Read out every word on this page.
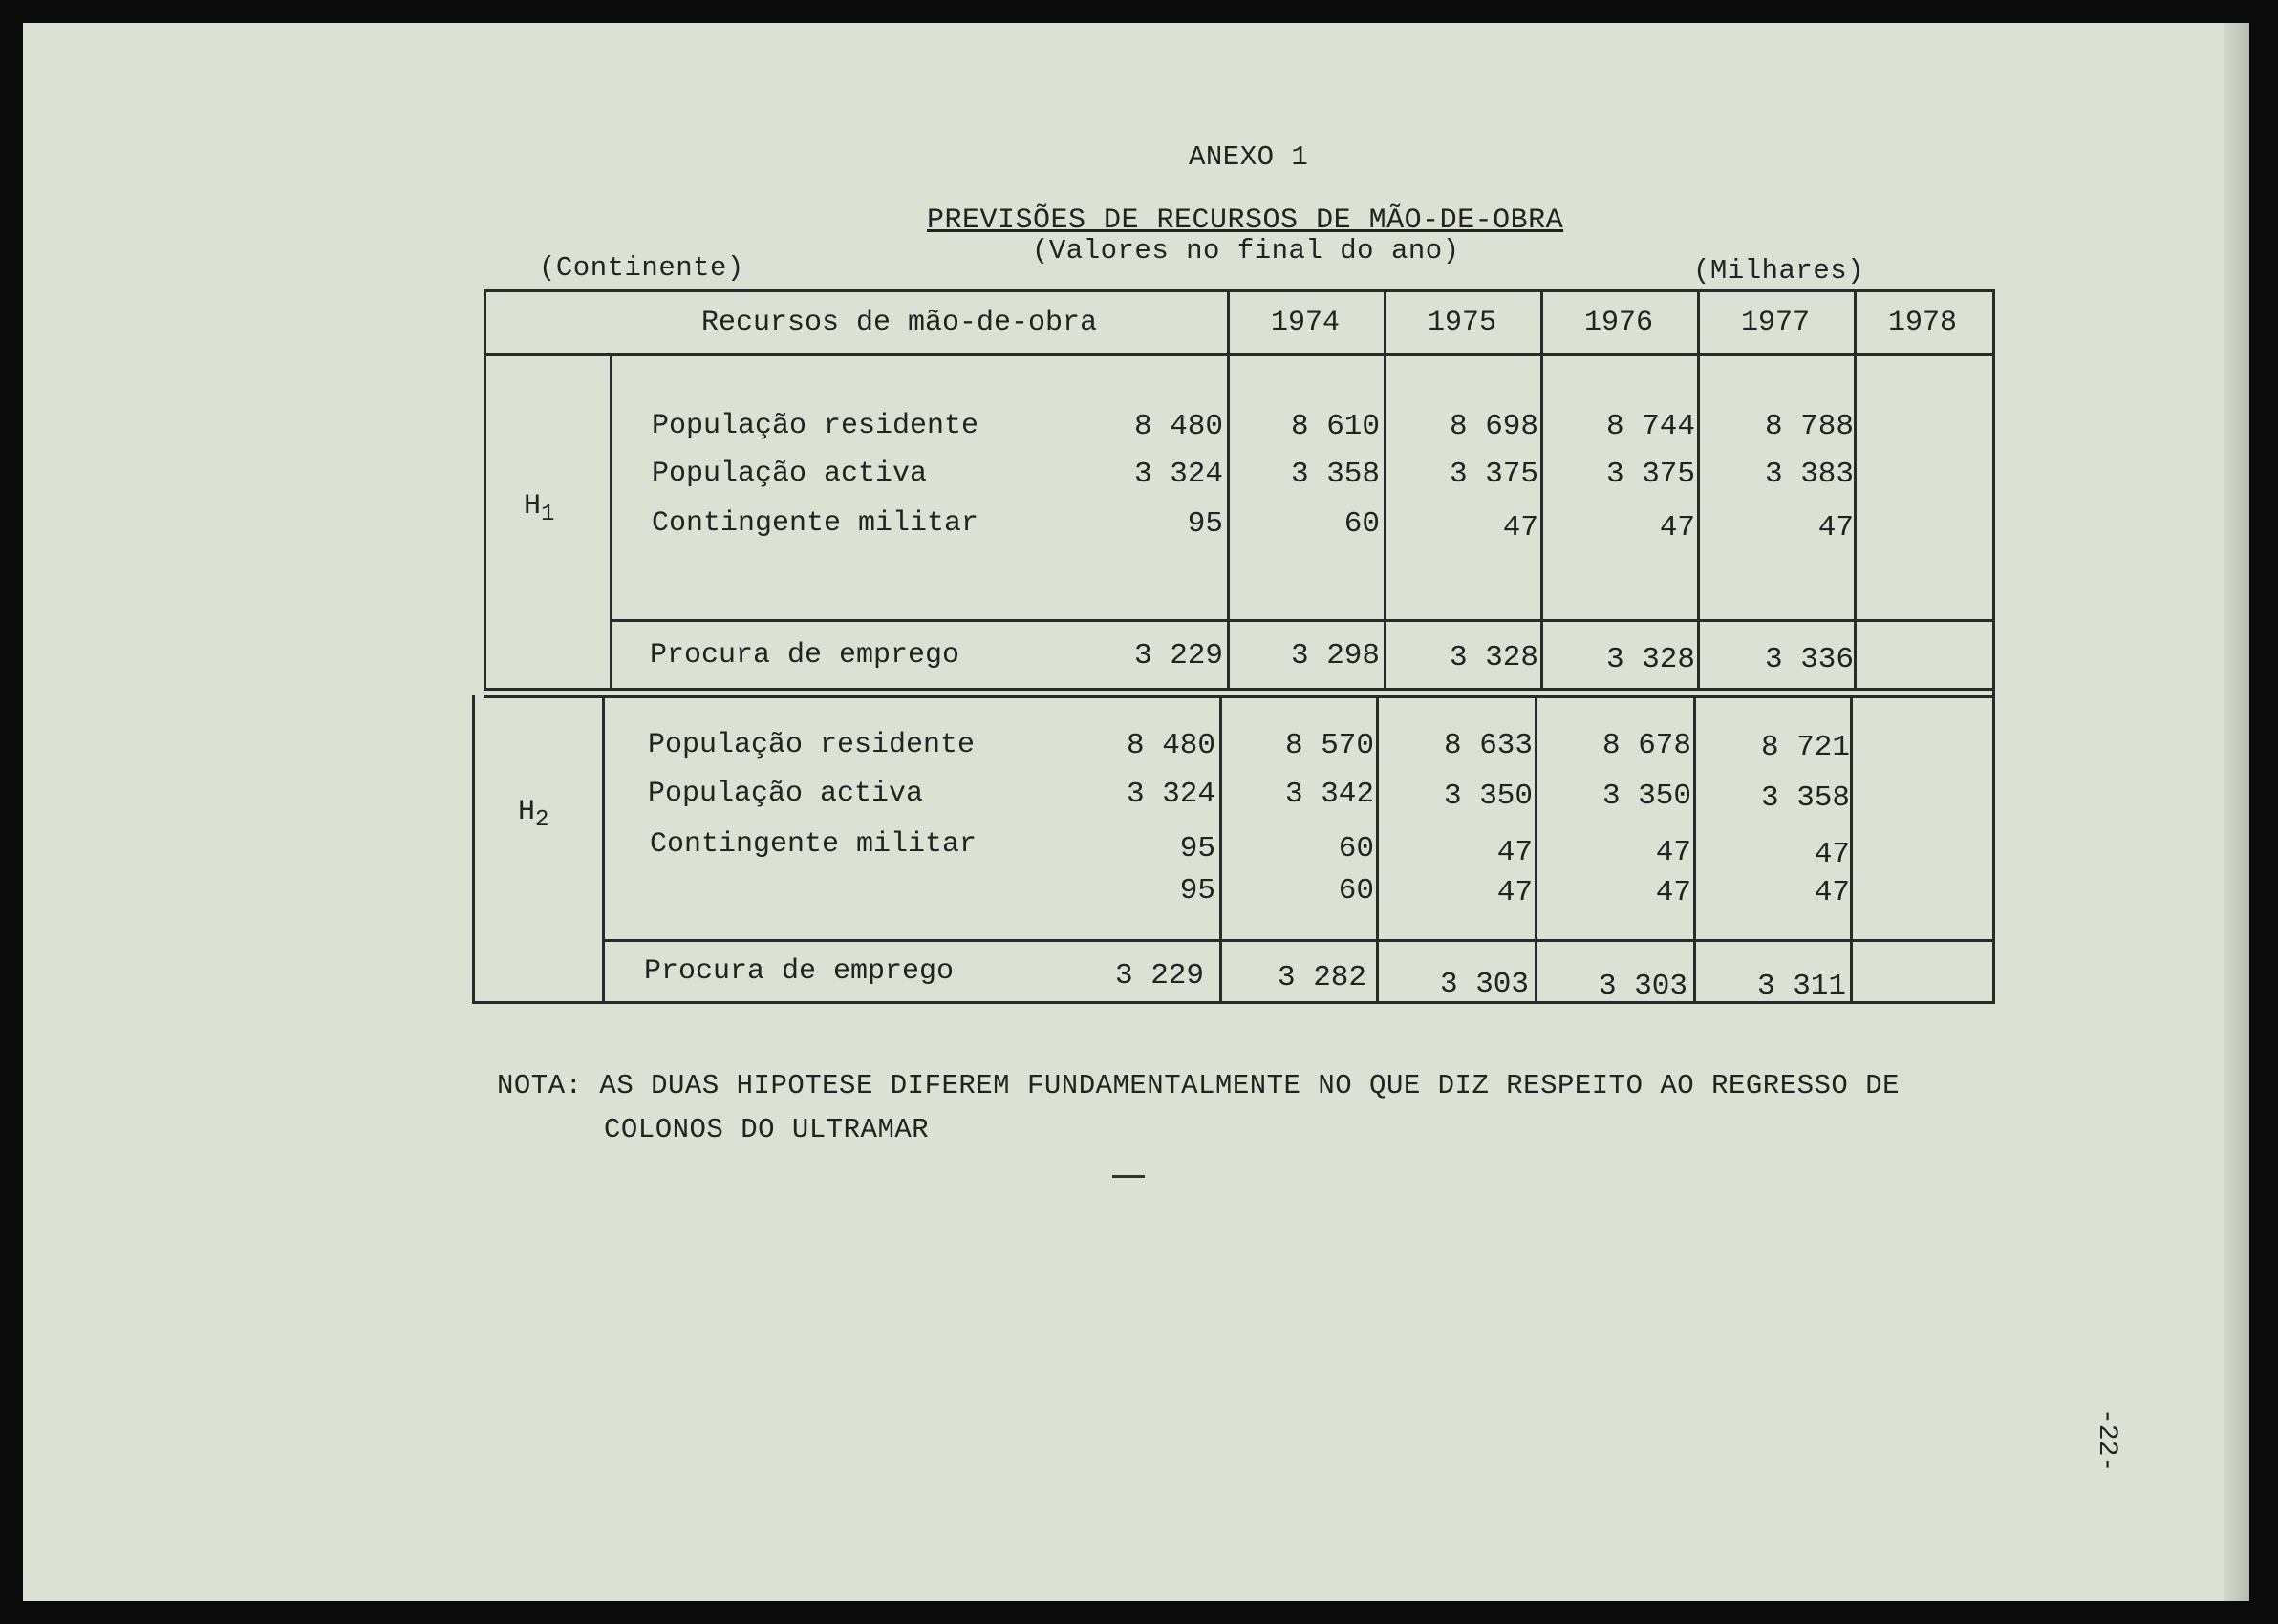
ANEXO 1
PREVISÕES DE RECURSOS DE MÃO-DE-OBRA
(Valores no final do ano)
(Continente)	(Milhares)
Recursos de mão-de-obra	1974	1975	1976	1977	1978
$H_1$
População residente	8 480	8 610	8 698	8 744	8 788
População activa	3 324	3 358	3 375	3 375	3 383
Contingente militar	95	60	47	47	47
Procura de emprego	3 229	3 298	3 328	3 328	3 336
$H_2$
População residente	8 480	8 570	8 633	8 678	8 721
População activa	3 324	3 342	3 350	3 350	3 358
Contingente militar	95	60	47	47	47
95	60	47	47	47
Procura de emprego	3 229	3 282	3 303	3 303	3 311
NOTA: AS DUAS HIPOTESE DIFEREM FUNDAMENTALMENTE NO QUE DIZ RESPEITO AO REGRESSO DE
COLONOS DO ULTRAMAR
-22-
